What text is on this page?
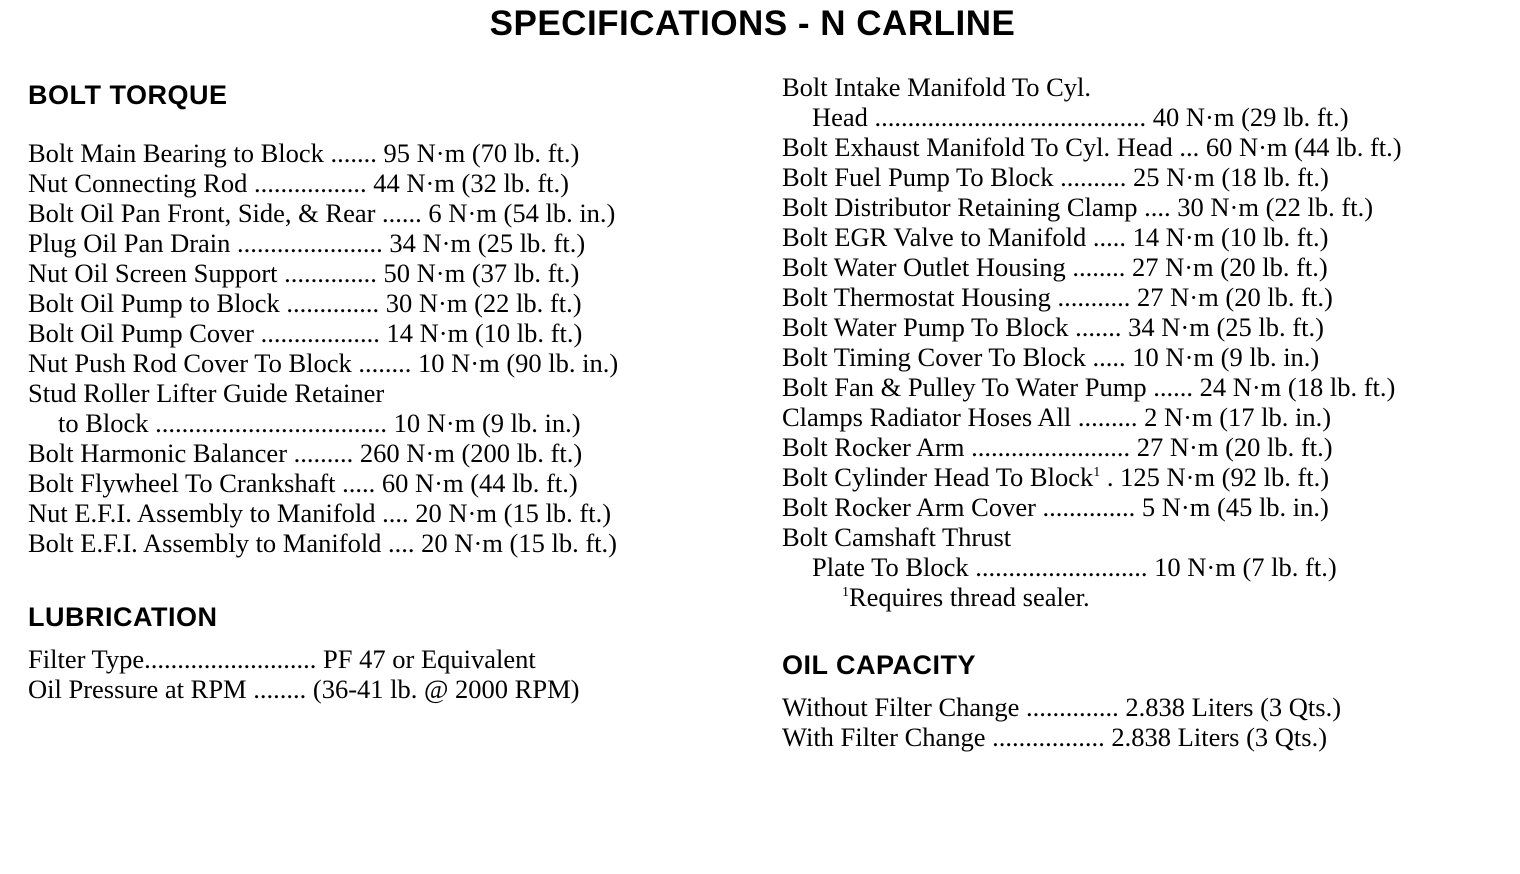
SPECIFICATIONS - N CARLINE
BOLT TORQUE
Bolt Main Bearing to Block ....... 95 N·m (70 lb. ft.)
Nut Connecting Rod ................. 44 N·m (32 lb. ft.)
Bolt Oil Pan Front, Side, & Rear ...... 6 N·m (54 lb. in.)
Plug Oil Pan Drain ...................... 34 N·m (25 lb. ft.)
Nut Oil Screen Support .............. 50 N·m (37 lb. ft.)
Bolt Oil Pump to Block .............. 30 N·m (22 lb. ft.)
Bolt Oil Pump Cover .................. 14 N·m (10 lb. ft.)
Nut Push Rod Cover To Block ........ 10 N·m (90 lb. in.)
Stud Roller Lifter Guide Retainer
to Block ................................... 10 N·m (9 lb. in.)
Bolt Harmonic Balancer ......... 260 N·m (200 lb. ft.)
Bolt Flywheel To Crankshaft ..... 60 N·m (44 lb. ft.)
Nut E.F.I. Assembly to Manifold .... 20 N·m (15 lb. ft.)
Bolt E.F.I. Assembly to Manifold .... 20 N·m (15 lb. ft.)
LUBRICATION
Filter Type.......................... PF 47 or Equivalent
Oil Pressure at RPM ........ (36-41 lb. @ 2000 RPM)
Bolt Intake Manifold To Cyl.
Head ......................................... 40 N·m (29 lb. ft.)
Bolt Exhaust Manifold To Cyl. Head ... 60 N·m (44 lb. ft.)
Bolt Fuel Pump To Block .......... 25 N·m (18 lb. ft.)
Bolt Distributor Retaining Clamp .... 30 N·m (22 lb. ft.)
Bolt EGR Valve to Manifold ..... 14 N·m (10 lb. ft.)
Bolt Water Outlet Housing ........ 27 N·m (20 lb. ft.)
Bolt Thermostat Housing ........... 27 N·m (20 lb. ft.)
Bolt Water Pump To Block ....... 34 N·m (25 lb. ft.)
Bolt Timing Cover To Block ..... 10 N·m (9 lb. in.)
Bolt Fan & Pulley To Water Pump ...... 24 N·m (18 lb. ft.)
Clamps Radiator Hoses All ......... 2 N·m (17 lb. in.)
Bolt Rocker Arm ........................ 27 N·m (20 lb. ft.)
Bolt Cylinder Head To Block$^1$ . 125 N·m (92 lb. ft.)
Bolt Rocker Arm Cover .............. 5 N·m (45 lb. in.)
Bolt Camshaft Thrust
Plate To Block .......................... 10 N·m (7 lb. ft.)
$^1$Requires thread sealer.
OIL CAPACITY
Without Filter Change .............. 2.838 Liters (3 Qts.)
With Filter Change ................. 2.838 Liters (3 Qts.)
